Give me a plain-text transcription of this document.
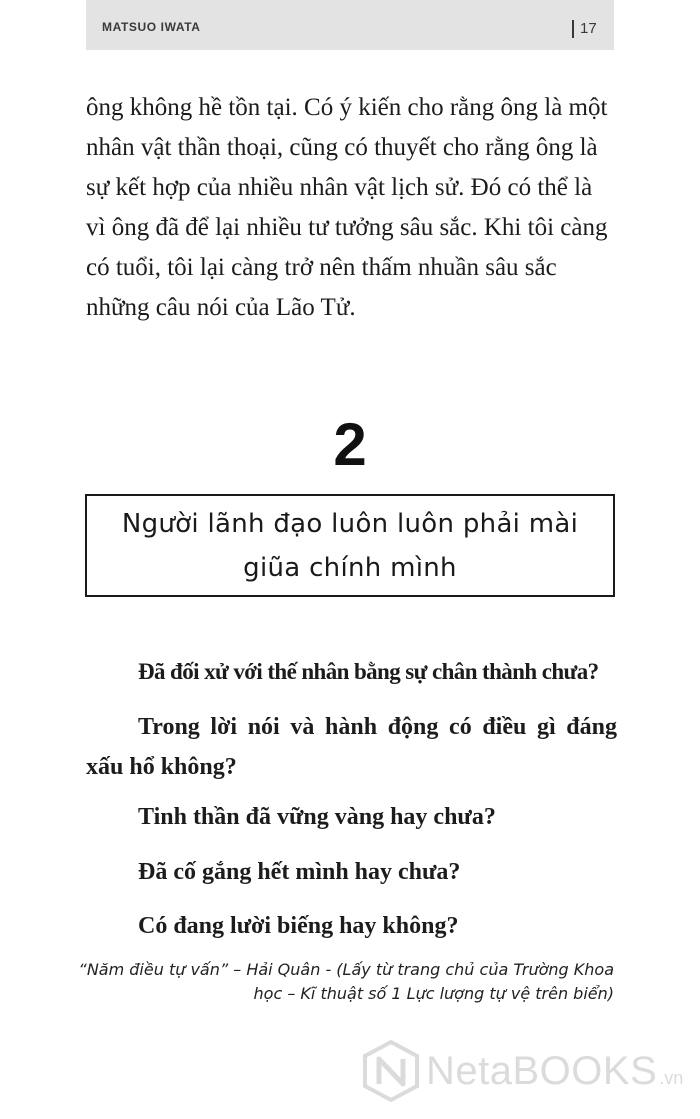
MATSUO IWATA	17

ông không hề tồn tại. Có ý kiến cho rằng ông là một nhân vật thần thoại, cũng có thuyết cho rằng ông là sự kết hợp của nhiều nhân vật lịch sử. Đó có thể là vì ông đã để lại nhiều tư tưởng sâu sắc. Khi tôi càng có tuổi, tôi lại càng trở nên thấm nhuần sâu sắc những câu nói của Lão Tử.

2
Người lãnh đạo luôn luôn phải mài
giũa chính mình

Đã đối xử với thế nhân bằng sự chân thành chưa?

Trong lời nói và hành động có điều gì đáng xấu hổ không?

Tinh thần đã vững vàng hay chưa?

Đã cố gắng hết mình hay chưa?

Có đang lười biếng hay không?

“Năm điều tự vấn” – Hải Quân - (Lấy từ trang chủ của Trường Khoa học – Kĩ thuật số 1 Lực lượng tự vệ trên biển)
NetaBOOKS .vn
